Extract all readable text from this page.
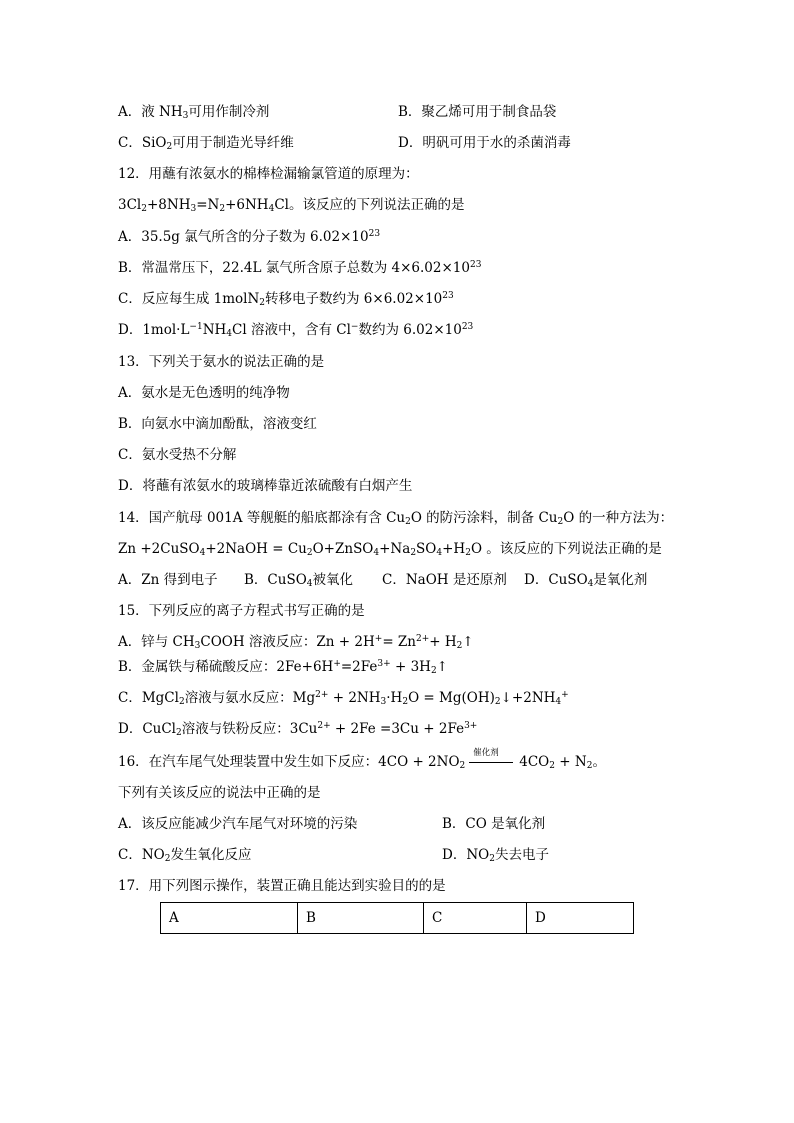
A．液 $NH_3$可用作制冷剂	B．聚乙烯可用于制食品袋
C．SiO$_2$可用于制造光导纤维	D．明矾可用于水的杀菌消毒
12．用蘸有浓氨水的棉棒检漏输氯管道的原理为：
$3Cl_2+8NH_3=N_2+6NH_4Cl$。该反应的下列说法正确的是
A．35.5g 氯气所含的分子数为 $6.02\times 10^{23}$
B．常温常压下，22.4L 氯气所含原子总数为 $4\times 6.02\times 10^{23}$
C．反应每生成 1molN$_2$转移电子数约为 $6\times 6.02\times 10^{23}$
D．$1mol\cdot L^{-1}NH_4Cl$ 溶液中，含有 Cl−数约为 $6.02\times 10^{23}$
13．下列关于氨水的说法正确的是
A．氨水是无色透明的纯净物
B．向氨水中滴加酚酞，溶液变红
C．氨水受热不分解
D．将蘸有浓氨水的玻璃棒靠近浓硫酸有白烟产生
14．国产航母 001A 等舰艇的船底都涂有含 $Cu_2O$ 的防污涂料，制备 $Cu_2O$ 的一种方法为：
Zn +2CuSO$_4$+2NaOH = $Cu_2O+ZnSO_4+Na_2SO_4+H_2O$ 。该反应的下列说法正确的是
A．Zn 得到电子 B．CuSO$_4$被氧化 C．NaOH 是还原剂 D．CuSO$_4$是氧化剂
15．下列反应的离子方程式书写正确的是
A．锌与 $CH_3COOH$ 溶液反应：$Zn + 2H^+= Zn^{2+}+$ $H_2↑$
B．金属铁与稀硫酸反应：$2Fe+6H^+=2Fe^{3+}$ + $3H_2↑$
C．MgCl$_2$溶液与氨水反应：$Mg^{2+} + 2NH_3\cdot H_2O$ = $Mg(OH)_2↓+2NH_4^+$
D．CuCl$_2$溶液与铁粉反应：$3Cu^{2+} + 2Fe =3Cu + 2Fe^{3+}$
16．在汽车尾气处理装置中发生如下反应：$4CO + 2NO_2$
催化剂
$4CO_2 + N_2$。
下列有关该反应的说法中正确的是
A．该反应能减少汽车尾气对环境的污染	B．CO 是氧化剂
C．$NO_2$发生氧化反应	D．$NO_2$失去电子
17．用下列图示操作，装置正确且能达到实验目的的是
A	B	C	D
